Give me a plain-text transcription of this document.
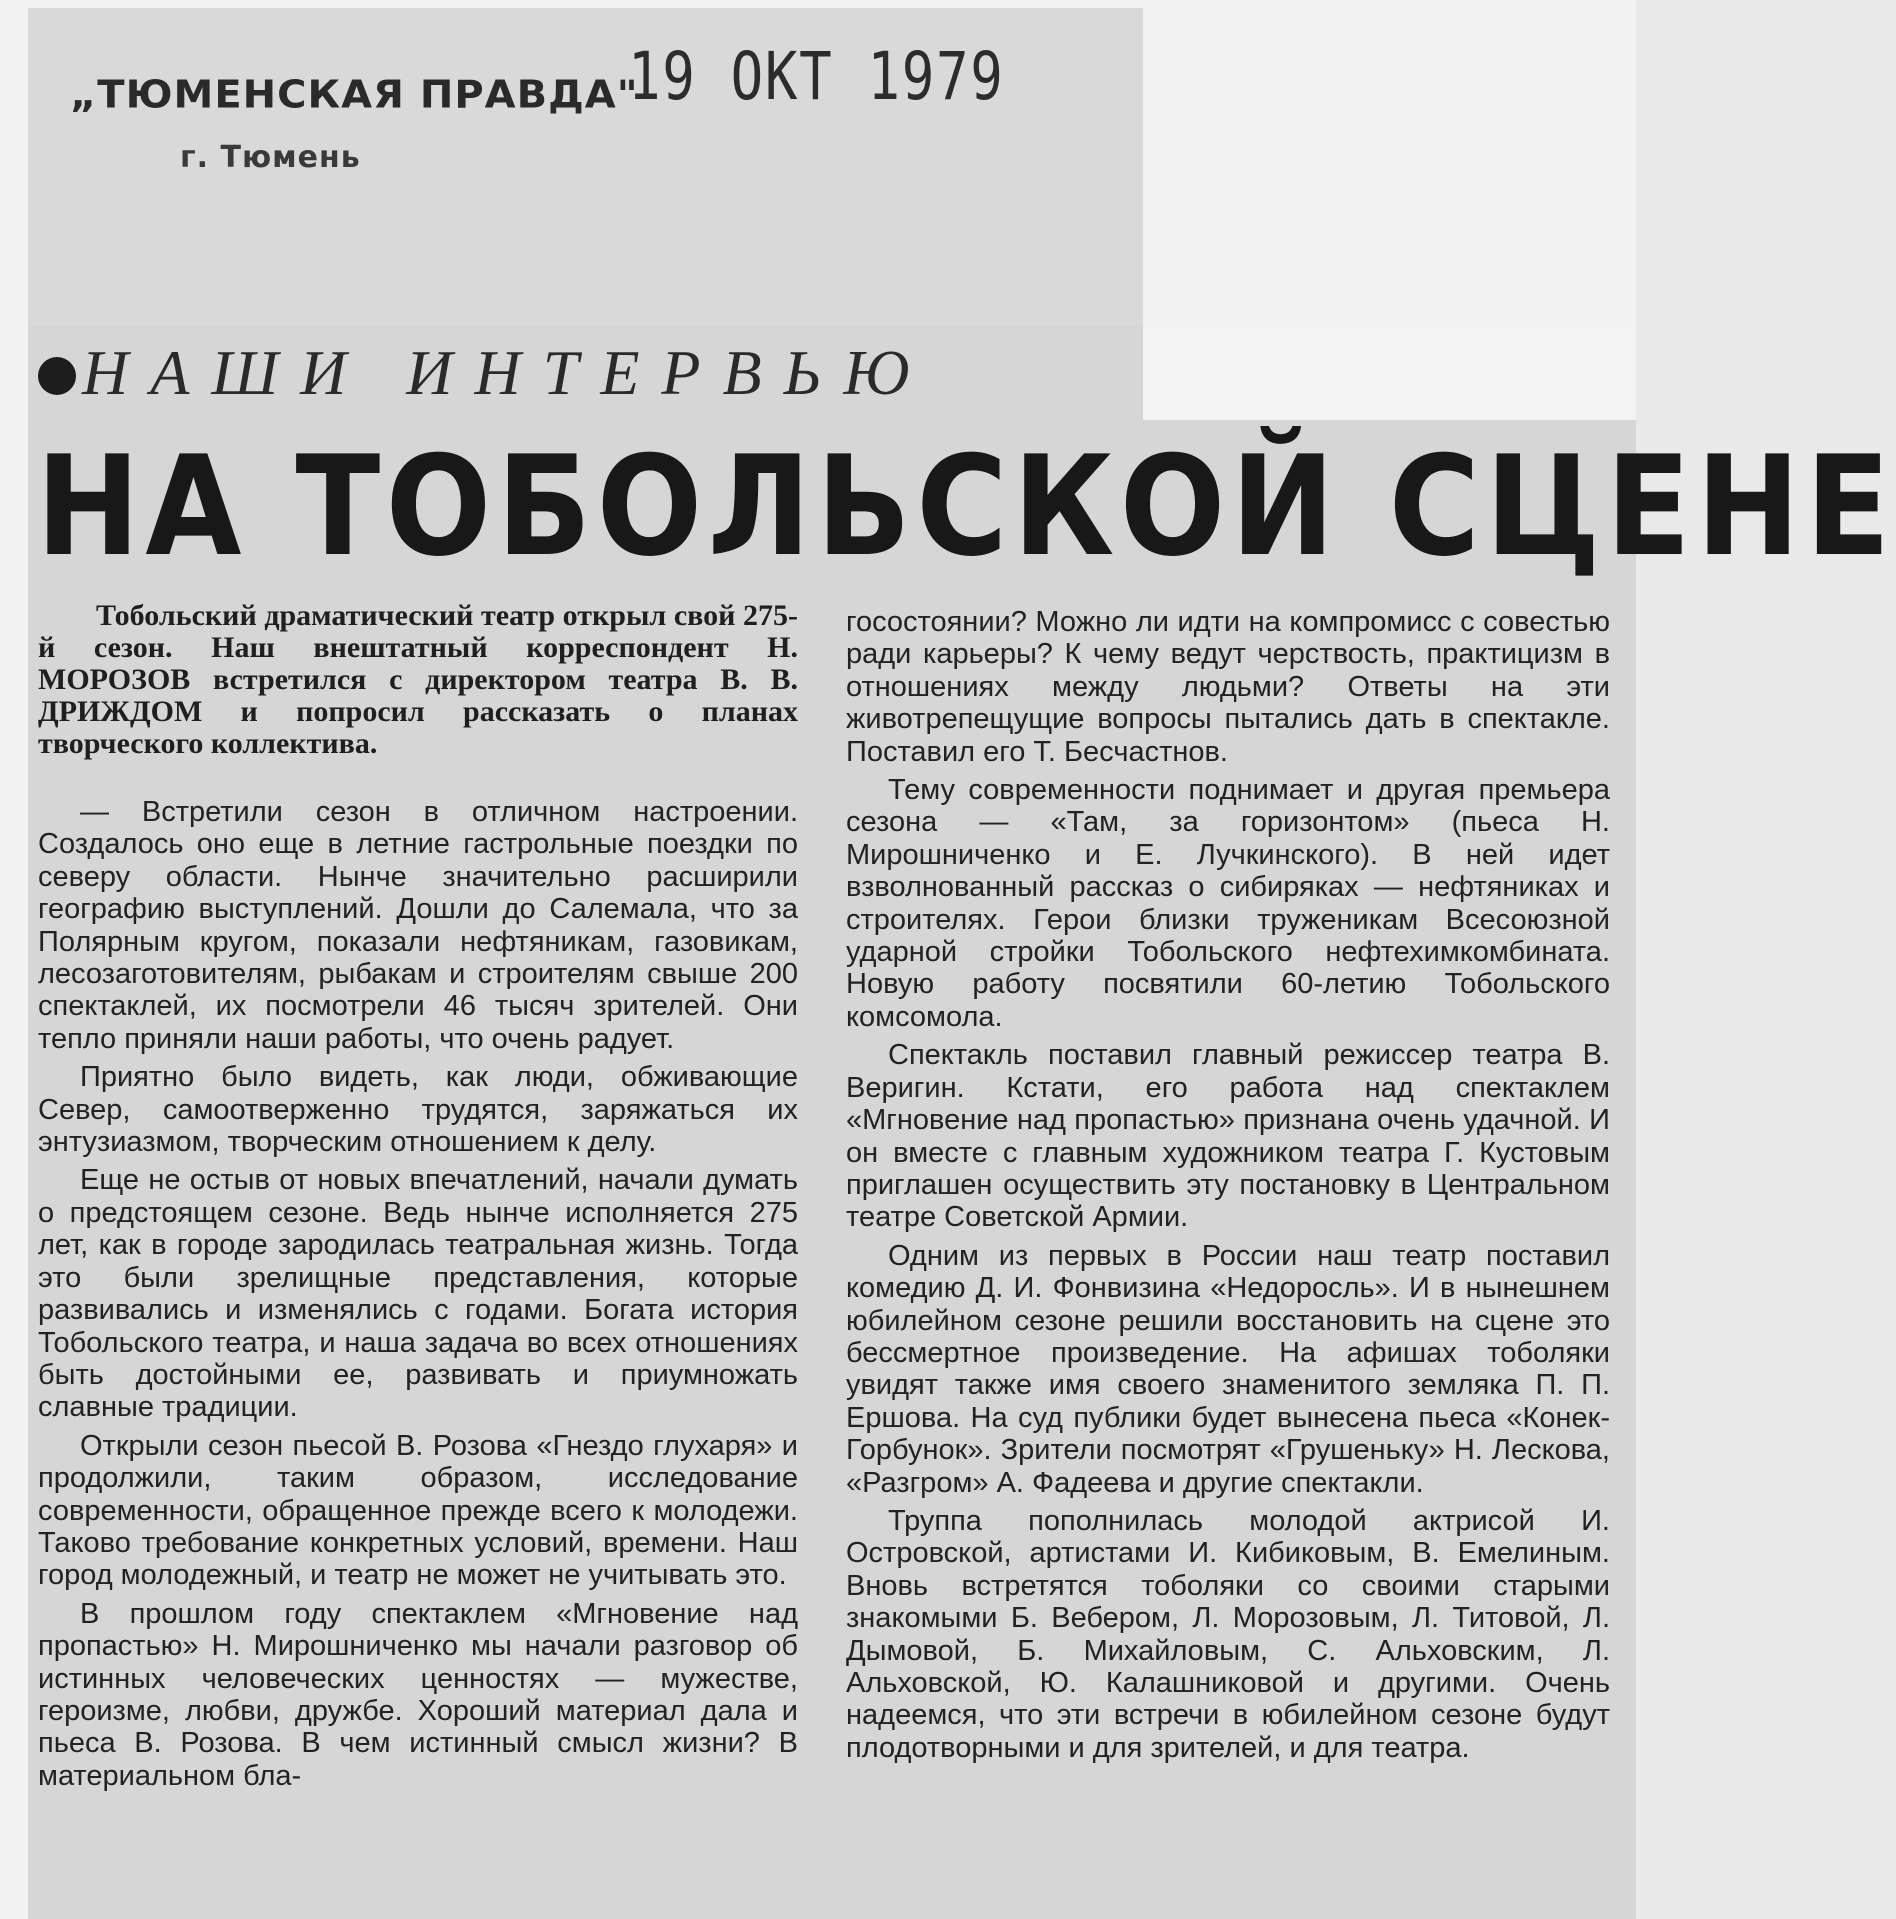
„ТЮМЕНСКАЯ ПРАВДА"
г. Тюмень
19 ОКТ 1979
НАШИ ИНТЕРВЬЮ
НА ТОБОЛЬСКОЙ СЦЕНЕ
Тобольский драматический театр открыл свой 275-й сезон. Наш внештатный корреспондент Н. МОРОЗОВ встретился с директором театра В. В. ДРИЖДОМ и попросил рассказать о планах творческого коллектива.

— Встретили сезон в отличном настроении. Создалось оно еще в летние гастрольные поездки по северу области. Нынче значительно расширили географию выступлений. Дошли до Салемала, что за Полярным кругом, показали нефтяникам, газовикам, лесозаготовителям, рыбакам и строителям свыше 200 спектаклей, их посмотрели 46 тысяч зрителей. Они тепло приняли наши работы, что очень радует.

Приятно было видеть, как люди, обживающие Север, самоотверженно трудятся, заряжаться их энтузиазмом, творческим отношением к делу.

Еще не остыв от новых впечатлений, начали думать о предстоящем сезоне. Ведь нынче исполняется 275 лет, как в городе зародилась театральная жизнь. Тогда это были зрелищные представления, которые развивались и изменялись с годами. Богата история Тобольского театра, и наша задача во всех отношениях быть достойными ее, развивать и приумножать славные традиции.

Открыли сезон пьесой В. Розова «Гнездо глухаря» и продолжили, таким образом, исследование современности, обращенное прежде всего к молодежи. Таково требование конкретных условий, времени. Наш город молодежный, и театр не может не учитывать это.

В прошлом году спектаклем «Мгновение над пропастью» Н. Мирошниченко мы начали разговор об истинных человеческих ценностях — мужестве, героизме, любви, дружбе. Хороший материал дала и пьеса В. Розова. В чем истинный смысл жизни? В материальном бла-

госостоянии? Можно ли идти на компромисс с совестью ради карьеры? К чему ведут черствость, практицизм в отношениях между людьми? Ответы на эти животрепещущие вопросы пытались дать в спектакле. Поставил его Т. Бесчастнов.

Тему современности поднимает и другая премьера сезона — «Там, за горизонтом» (пьеса Н. Мирошниченко и Е. Лучкинского). В ней идет взволнованный рассказ о сибиряках — нефтяниках и строителях. Герои близки труженикам Всесоюзной ударной стройки Тобольского нефтехимкомбината. Новую работу посвятили 60-летию Тобольского комсомола.

Спектакль поставил главный режиссер театра В. Веригин. Кстати, его работа над спектаклем «Мгновение над пропастью» признана очень удачной. И он вместе с главным художником театра Г. Кустовым приглашен осуществить эту постановку в Центральном театре Советской Армии.

Одним из первых в России наш театр поставил комедию Д. И. Фонвизина «Недоросль». И в нынешнем юбилейном сезоне решили восстановить на сцене это бессмертное произведение. На афишах тоболяки увидят также имя своего знаменитого земляка П. П. Ершова. На суд публики будет вынесена пьеса «Конек-Горбунок». Зрители посмотрят «Грушеньку» Н. Лескова, «Разгром» А. Фадеева и другие спектакли.

Труппа пополнилась молодой актрисой И. Островской, артистами И. Кибиковым, В. Емелиным. Вновь встретятся тоболяки со своими старыми знакомыми Б. Вебером, Л. Морозовым, Л. Титовой, Л. Дымовой, Б. Михайловым, С. Альховским, Л. Альховской, Ю. Калашниковой и другими. Очень надеемся, что эти встречи в юбилейном сезоне будут плодотворными и для зрителей, и для театра.
